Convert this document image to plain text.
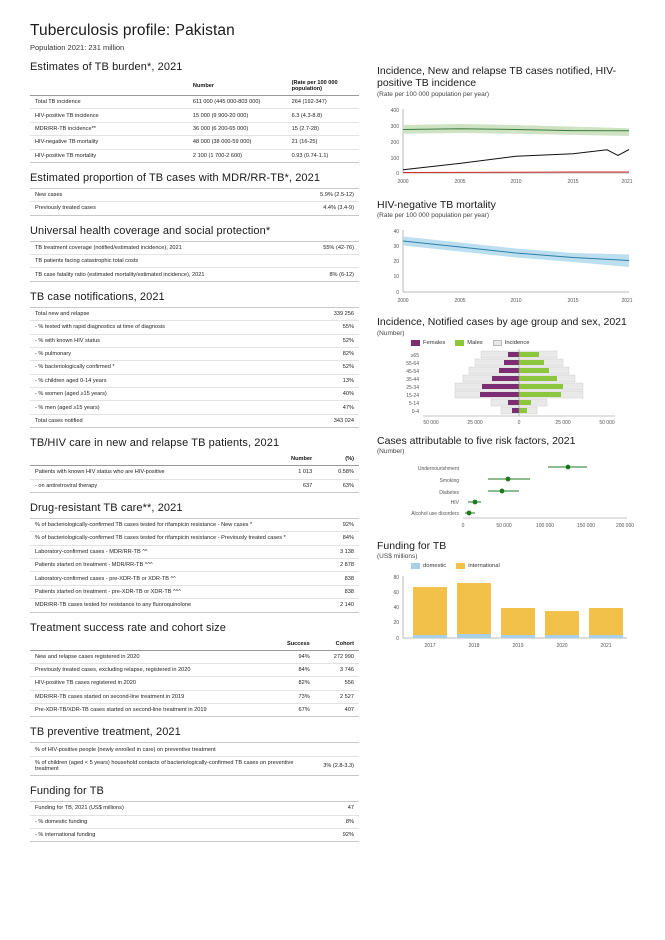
Tuberculosis profile: Pakistan
Population 2021: 231 million
Estimates of TB burden*, 2021
	Number	(Rate per 100 000 population)
Total TB incidence	611 000 (445 000-803 000)	264 (192-347)
HIV-positive TB incidence	15 000 (9 900-20 000)	6.3 (4.3-8.8)
MDR/RR-TB incidence**	36 000 (6 200-65 000)	15 (2.7-28)
HIV-negative TB mortality	48 000 (38 000-59 000)	21 (16-25)
HIV-positive TB mortality	2 100 (1 700-2 600)	0.93 (0.74-1.1)
Estimated proportion of TB cases with MDR/RR-TB*, 2021
New cases	5.9% (2.5-12)
Previously treated cases	4.4% (3.4-9)
Universal health coverage and social protection*
TB treatment coverage (notified/estimated incidence), 2021	55% (42-76)
TB patients facing catastrophic total costs	
TB case fatality ratio (estimated mortality/estimated incidence), 2021	8% (6-12)
TB case notifications, 2021
Total new and relapse	339 256
- % tested with rapid diagnostics at time of diagnosis	55%
- % with known HIV status	52%
- % pulmonary	82%
- % bacteriologically confirmed *	52%
- % children aged 0-14 years	13%
- % women (aged ≥15 years)	40%
- % men (aged ≥15 years)	47%
Total cases notified	343 024
TB/HIV care in new and relapse TB patients, 2021
	Number	(%)
Patients with known HIV status who are HIV-positive	1 013	0.58%
- on antiretroviral therapy	637	63%
Drug-resistant TB care**, 2021
% of bacteriologically-confirmed TB cases tested for rifampicin resistance - New cases *	92%
% of bacteriologically-confirmed TB cases tested for rifampicin resistance - Previously treated cases *	84%
Laboratory-confirmed cases - MDR/RR-TB ^^	3 138
Patients started on treatment - MDR/RR-TB ^^^	2 878
Laboratory-confirmed cases - pre-XDR-TB or XDR-TB ^^	838
Patients started on treatment - pre-XDR-TB or XDR-TB ^^^	838
MDR/RR-TB cases tested for resistance to any fluoroquinolone	2 140
Treatment success rate and cohort size
	Success	Cohort
New and relapse cases registered in 2020	94%	272 990
Previously treated cases, excluding relapse, registered in 2020	84%	3 746
HIV-positive TB cases registered in 2020	82%	556
MDR/RR-TB cases started on second-line treatment in 2019	73%	2 527
Pre-XDR-TB/XDR-TB cases started on second-line treatment in 2019	67%	407
TB preventive treatment, 2021
% of HIV-positive people (newly enrolled in care) on preventive treatment	
% of children (aged < 5 years) household contacts of bacteriologically-confirmed TB cases on preventive treatment	3% (2.8-3.3)
Funding for TB
Funding for TB, 2021 (US$ millions)	47
- % domestic funding	8%
- % international funding	92%
Incidence, New and relapse TB cases notified, HIV-positive TB incidence
(Rate per 100 000 population per year)
400
300
200
100
0
2000	2005	2010	2015	2021
HIV-negative TB mortality
(Rate per 100 000 population per year)
40
30
20
10
0
2000	2005	2010	2015	2021
Incidence, Notified cases by age group and sex, 2021
(Number)
Females	Males	Incidence
≥65
55-64
45-54
35-44
25-34
15-24
5-14
0-4
50 000	25 000	0	25 000	50 000
Cases attributable to five risk factors, 2021
(Number)
Undernourishment
Smoking
Diabetes
HIV
Alcohol use disorders
0	50 000	100 000	150 000	200 000
Funding for TB
(US$ millions)
domestic	international
80
60
40
20
0
2017	2018	2019	2020	2021
